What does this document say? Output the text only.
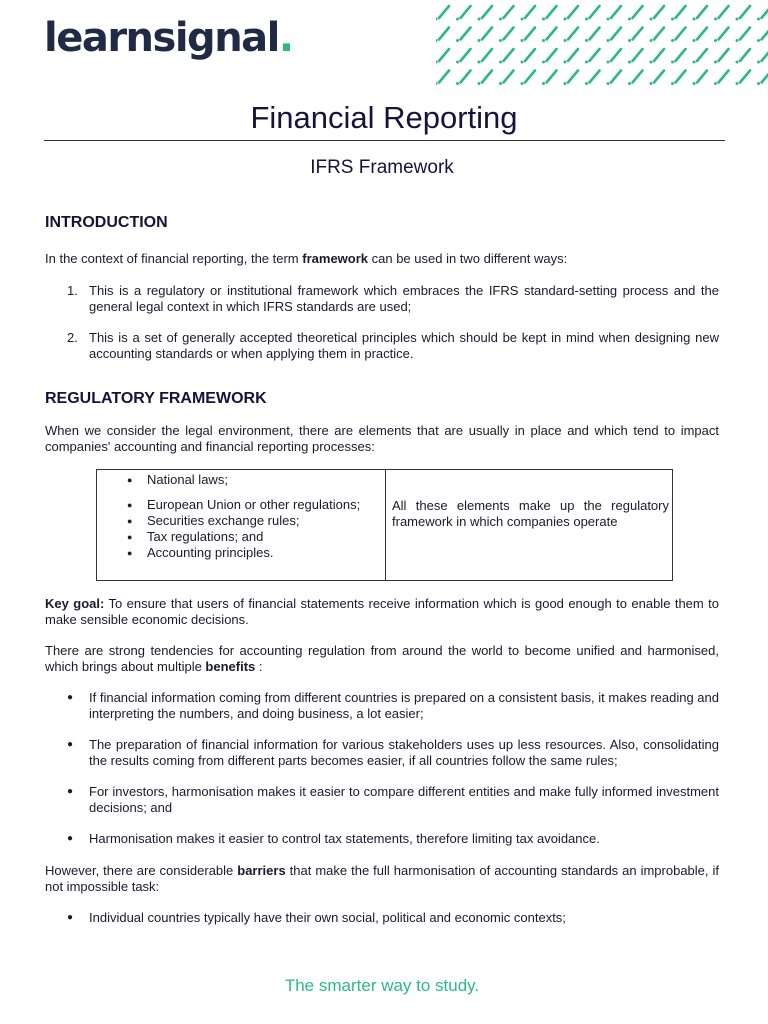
learnsignal.
Financial Reporting
IFRS Framework
INTRODUCTION

In the context of financial reporting, the term framework can be used in two different ways:

1. This is a regulatory or institutional framework which embraces the IFRS standard-setting process and the general legal context in which IFRS standards are used;
2. This is a set of generally accepted theoretical principles which should be kept in mind when designing new accounting standards or when applying them in practice.
REGULATORY FRAMEWORK

When we consider the legal environment, there are elements that are usually in place and which tend to impact companies' accounting and financial reporting processes:

● National laws;
● European Union or other regulations;
● Securities exchange rules;
● Tax regulations; and
● Accounting principles.
	All these elements make up the regulatory framework in which companies operate

Key goal: To ensure that users of financial statements receive information which is good enough to enable them to make sensible economic decisions.

There are strong tendencies for accounting regulation from around the world to become unified and harmonised, which brings about multiple benefits :

● If financial information coming from different countries is prepared on a consistent basis, it makes reading and interpreting the numbers, and doing business, a lot easier;
● The preparation of financial information for various stakeholders uses up less resources. Also, consolidating the results coming from different parts becomes easier, if all countries follow the same rules;
● For investors, harmonisation makes it easier to compare different entities and make fully informed investment decisions; and
● Harmonisation makes it easier to control tax statements, therefore limiting tax avoidance.

However, there are considerable barriers that make the full harmonisation of accounting standards an improbable, if not impossible task:

● Individual countries typically have their own social, political and economic contexts;
The smarter way to study.
